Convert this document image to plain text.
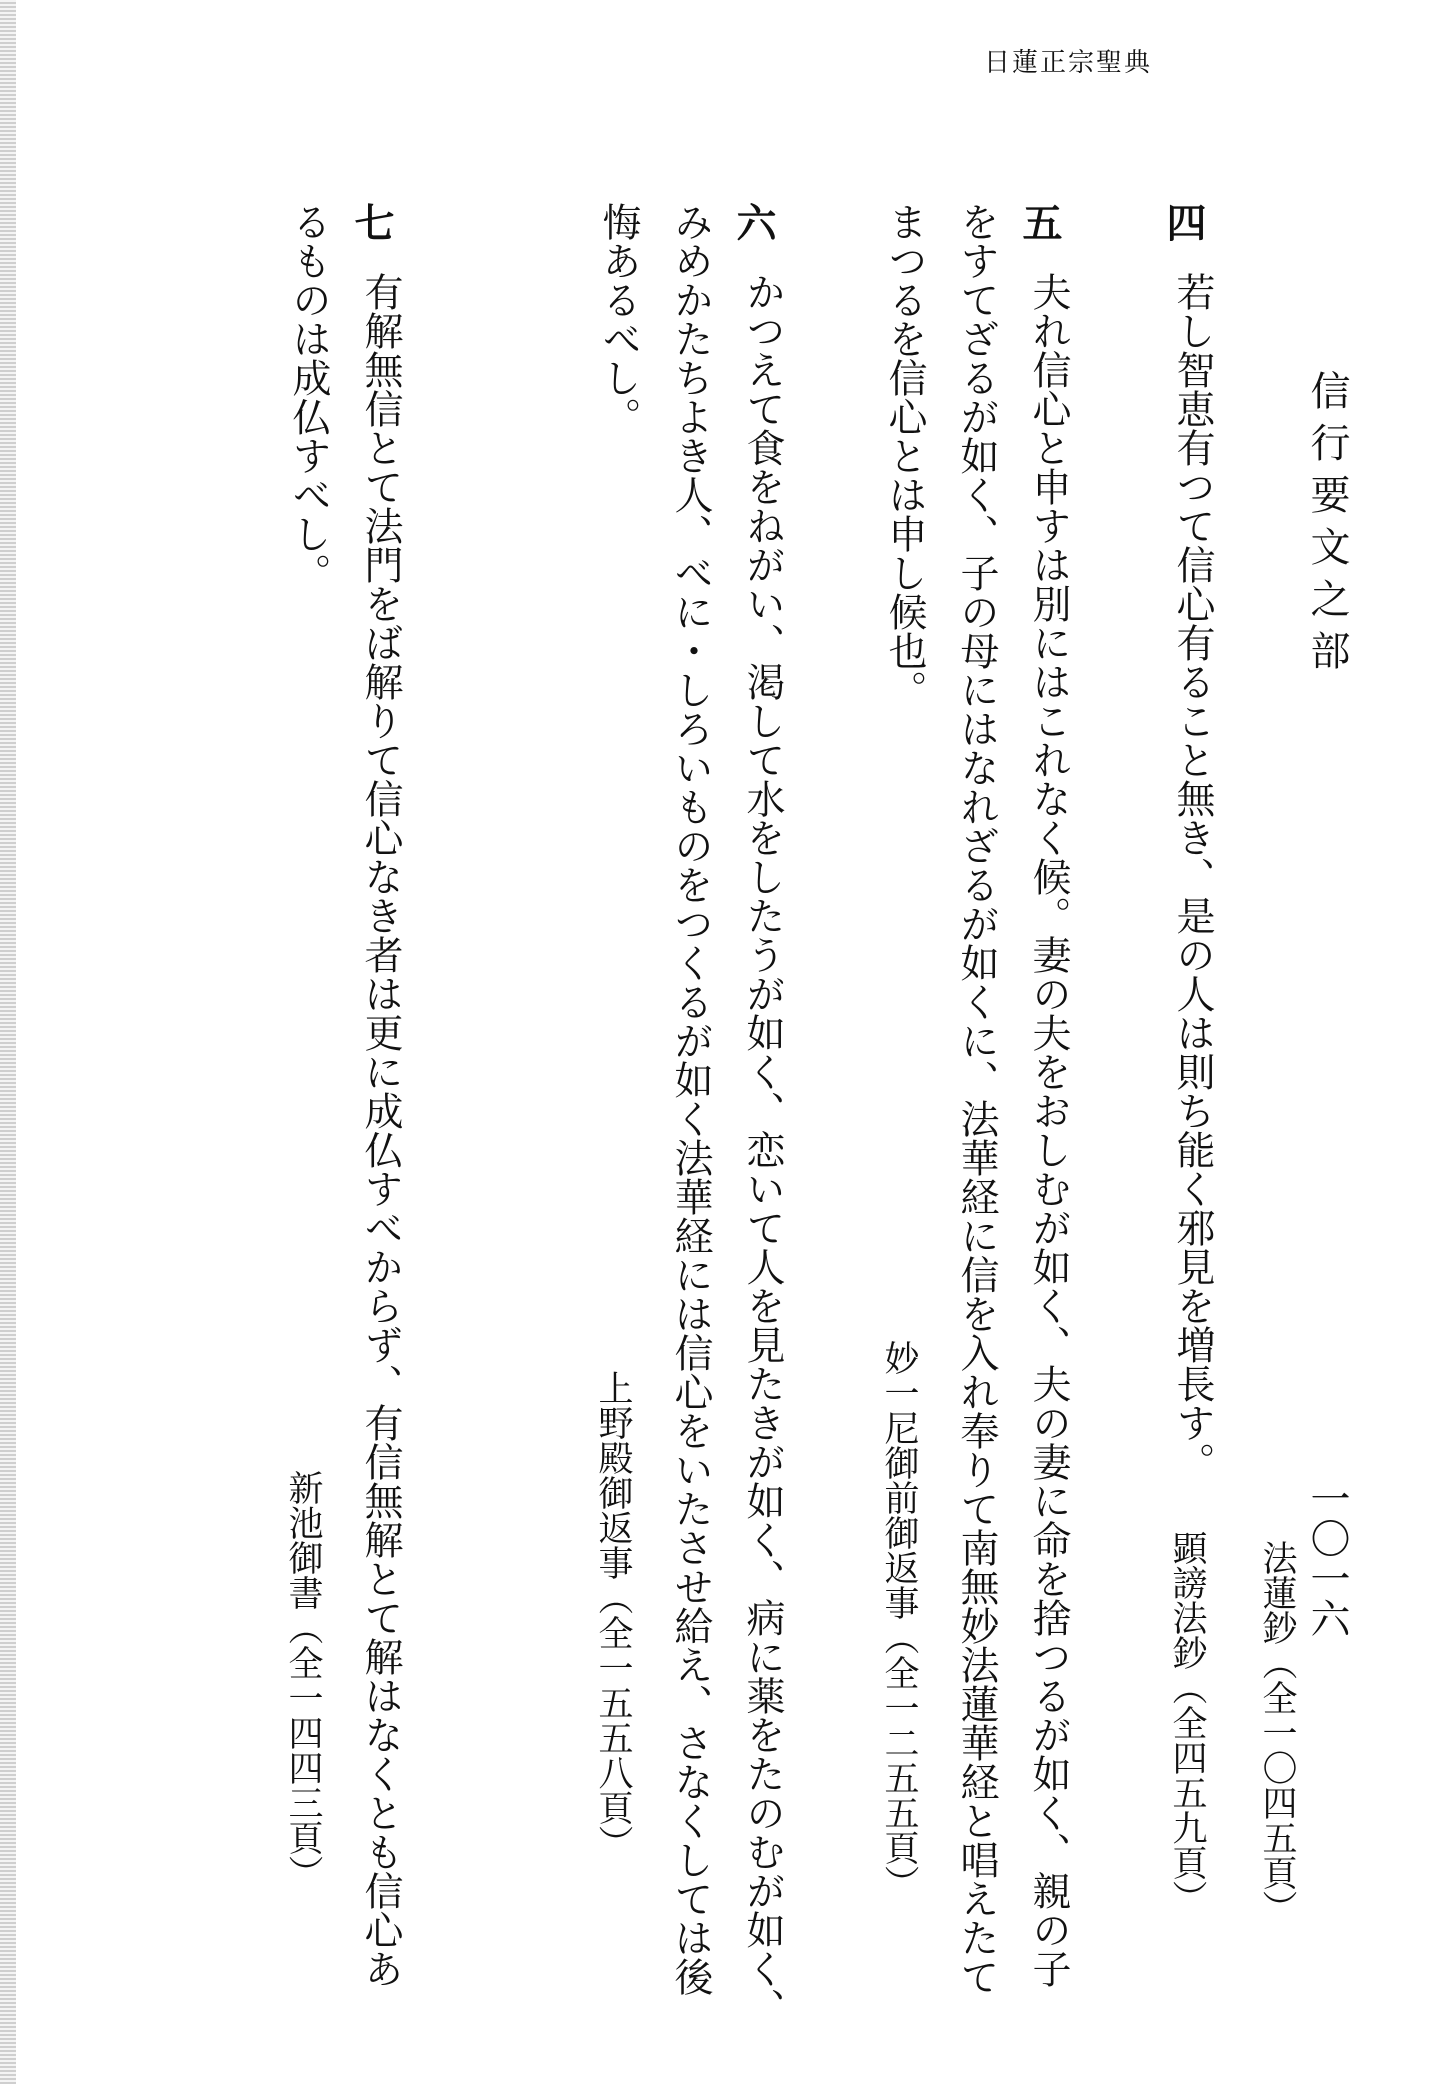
日蓮正宗聖典
信行要文之部
一〇一六
法蓮鈔（全一〇四五頁）
四
若し智恵有つて信心有ること無き、是の人は則ち能く邪見を増長す。
顕謗法鈔（全四五九頁）
五
夫れ信心と申すは別にはこれなく候。妻の夫をおしむが如く、夫の妻に命を捨つるが如く、親の子
をすてざるが如く、子の母にはなれざるが如くに、法華経に信を入れ奉りて南無妙法蓮華経と唱えたて
まつるを信心とは申し候也。
妙一尼御前御返事（全一二五五頁）
六
かつえて食をねがい、渇して水をしたうが如く、恋いて人を見たきが如く、病に薬をたのむが如く、
みめかたちよき人、べに・しろいものをつくるが如く法華経には信心をいたさせ給え、さなくしては後
悔あるべし。
上野殿御返事（全一五五八頁）
七
有解無信とて法門をば解りて信心なき者は更に成仏すべからず、有信無解とて解はなくとも信心あ
るものは成仏すべし。
新池御書（全一四四三頁）
